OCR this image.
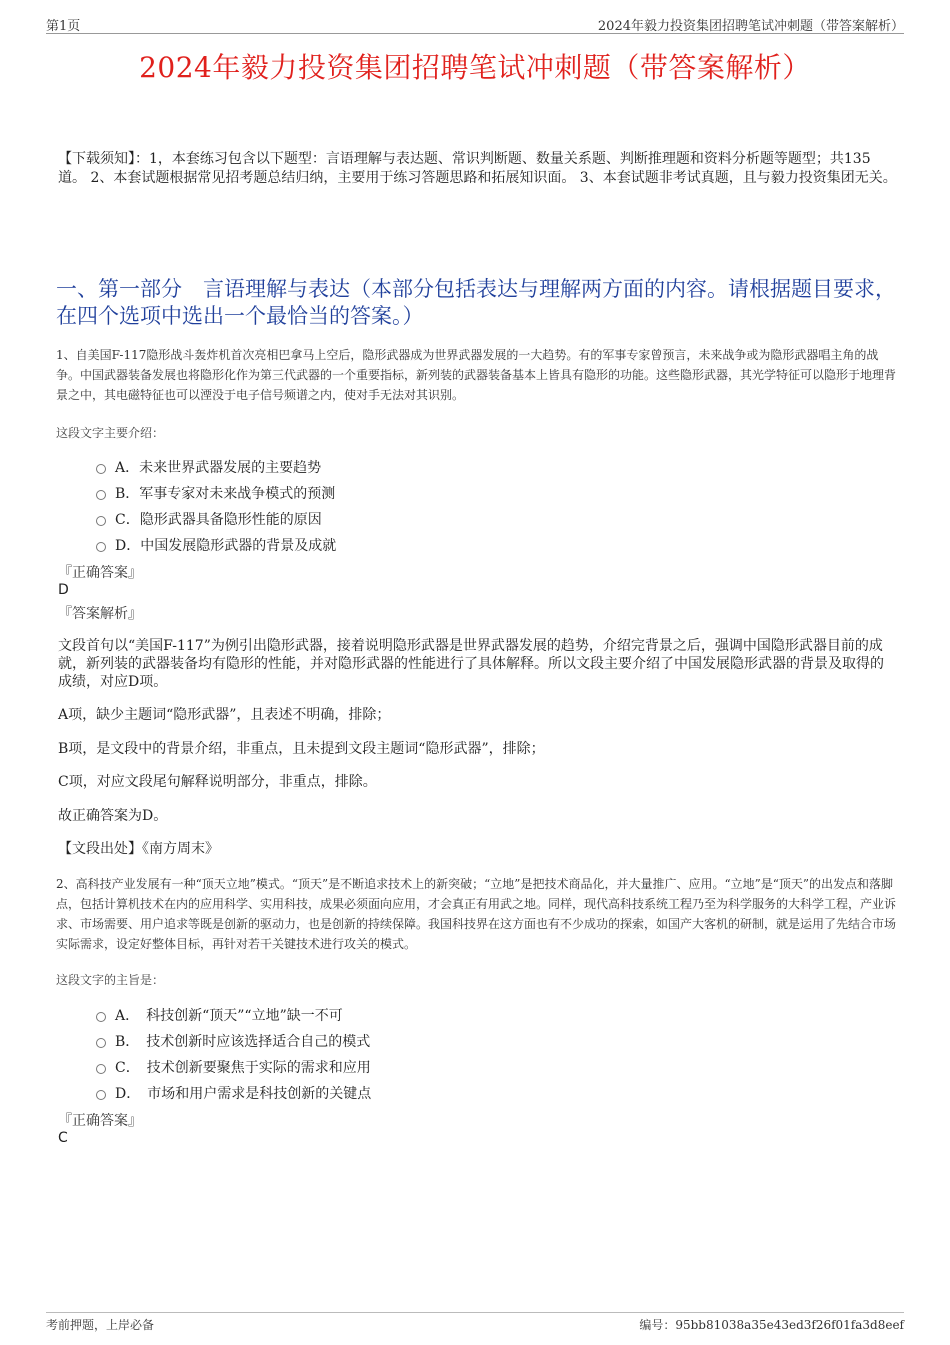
第1页	2024年毅力投资集团招聘笔试冲刺题（带答案解析）
2024年毅力投资集团招聘笔试冲刺题（带答案解析）
【下载须知】：1，本套练习包含以下题型：言语理解与表达题、常识判断题、数量关系题、判断推理题和资料分析题等题型；共135道。 2、本套试题根据常见招考题总结归纳，主要用于练习答题思路和拓展知识面。 3、本套试题非考试真题，且与毅力投资集团无关。
一、第一部分　言语理解与表达（本部分包括表达与理解两方面的内容。请根据题目要求，在四个选项中选出一个最恰当的答案。）
1、自美国F-117隐形战斗轰炸机首次亮相巴拿马上空后，隐形武器成为世界武器发展的一大趋势。有的军事专家曾预言，未来战争或为隐形武器唱主角的战争。中国武器装备发展也将隐形化作为第三代武器的一个重要指标，新列装的武器装备基本上皆具有隐形的功能。这些隐形武器，其光学特征可以隐形于地理背景之中，其电磁特征也可以湮没于电子信号频谱之内，使对手无法对其识别。
这段文字主要介绍：
A．未来世界武器发展的主要趋势
B．军事专家对未来战争模式的预测
C．隐形武器具备隐形性能的原因
D．中国发展隐形武器的背景及成就
『正确答案』
D
『答案解析』
文段首句以“美国F-117”为例引出隐形武器，接着说明隐形武器是世界武器发展的趋势，介绍完背景之后，强调中国隐形武器目前的成就，新列装的武器装备均有隐形的性能，并对隐形武器的性能进行了具体解释。所以文段主要介绍了中国发展隐形武器的背景及取得的成绩，对应D项。
A项，缺少主题词“隐形武器”，且表述不明确，排除；
B项，是文段中的背景介绍，非重点，且未提到文段主题词“隐形武器”，排除；
C项，对应文段尾句解释说明部分，非重点，排除。
故正确答案为D。
【文段出处】《南方周末》
2、高科技产业发展有一种“顶天立地”模式。“顶天”是不断追求技术上的新突破；“立地”是把技术商品化，并大量推广、应用。“立地”是“顶天”的出发点和落脚点，包括计算机技术在内的应用科学、实用科技，成果必须面向应用，才会真正有用武之地。同样，现代高科技系统工程乃至为科学服务的大科学工程，产业诉求、市场需要、用户追求等既是创新的驱动力，也是创新的持续保障。我国科技界在这方面也有不少成功的探索，如国产大客机的研制，就是运用了先结合市场实际需求，设定好整体目标，再针对若干关键技术进行攻关的模式。
这段文字的主旨是：
A．　科技创新“顶天”“立地”缺一不可
B．　技术创新时应该选择适合自己的模式
C．　技术创新要聚焦于实际的需求和应用
D．　市场和用户需求是科技创新的关键点
『正确答案』
C
考前押题，上岸必备	编号：95bb81038a35e43ed3f26f01fa3d8eef
